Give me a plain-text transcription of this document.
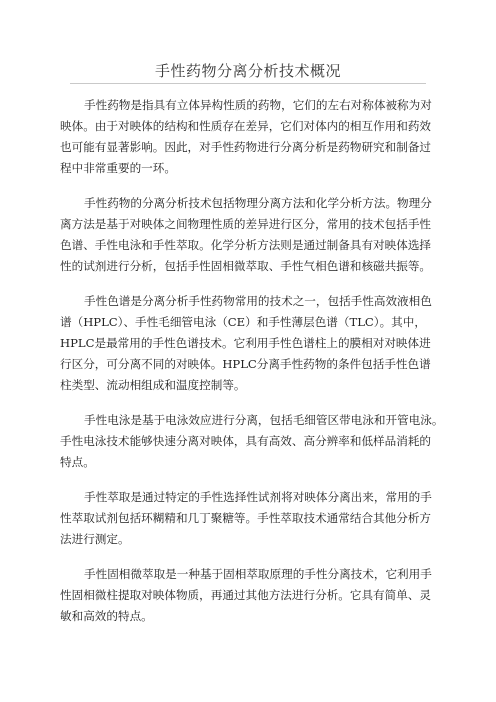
手性药物分离分析技术概况
手性药物是指具有立体异构性质的药物，它们的左右对称体被称为对
映体。由于对映体的结构和性质存在差异，它们对体内的相互作用和药效
也可能有显著影响。因此，对手性药物进行分离分析是药物研究和制备过
程中非常重要的一环。
手性药物的分离分析技术包括物理分离方法和化学分析方法。物理分
离方法是基于对映体之间物理性质的差异进行区分，常用的技术包括手性
色谱、手性电泳和手性萃取。化学分析方法则是通过制备具有对映体选择
性的试剂进行分析，包括手性固相微萃取、手性气相色谱和核磁共振等。
手性色谱是分离分析手性药物常用的技术之一，包括手性高效液相色
谱（HPLC）、手性毛细管电泳（CE）和手性薄层色谱（TLC）。其中，
HPLC是最常用的手性色谱技术。它利用手性色谱柱上的膜相对对映体进
行区分，可分离不同的对映体。HPLC分离手性药物的条件包括手性色谱
柱类型、流动相组成和温度控制等。
手性电泳是基于电泳效应进行分离，包括毛细管区带电泳和开管电泳。
手性电泳技术能够快速分离对映体，具有高效、高分辨率和低样品消耗的
特点。
手性萃取是通过特定的手性选择性试剂将对映体分离出来，常用的手
性萃取试剂包括环糊精和几丁聚糖等。手性萃取技术通常结合其他分析方
法进行测定。
手性固相微萃取是一种基于固相萃取原理的手性分离技术，它利用手
性固相微柱提取对映体物质，再通过其他方法进行分析。它具有简单、灵
敏和高效的特点。
